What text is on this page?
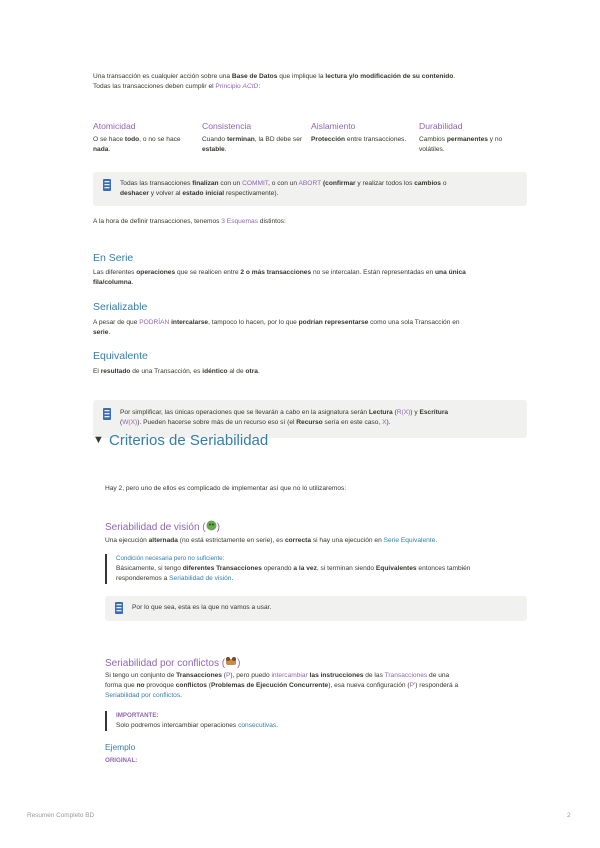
Una transacción es cualquier acción sobre una Base de Datos que implique la lectura y/o modificación de su contenido.
Todas las transacciones deben cumplir el Principio ACID:

Atomicidad

O se hace todo, o no se hace nada.

Consistencia

Cuando terminan, la BD debe ser estable.

Aislamiento

Protección entre transacciones.

Durabilidad

Cambios permanentes y no volátiles.

Todas las transacciones finalizan con un COMMIT, o con un ABORT (confirmar y realizar todos los cambios o
deshacer y volver al estado inicial respectivamente).
A la hora de definir transacciones, tenemos 3 Esquemas distintos:

En Serie

Las diferentes operaciones que se realicen entre 2 o más transacciones no se intercalan. Están representadas en una única
fila/columna.

Serializable

A pesar de que PODRÍAN intercalarse, tampoco lo hacen, por lo que podrían representarse como una sola Transacción en
serie.

Equivalente

El resultado de una Transacción, es idéntico al de otra.
Por simplificar, las únicas operaciones que se llevarán a cabo en la asignatura serán Lectura (R(X)) y Escritura
(W(X)). Pueden hacerse sobre más de un recurso eso sí (el Recurso sería en este caso, X).
▼ Criterios de Seriabilidad

Hay 2, pero uno de ellos es complicado de implementar así que no lo utilizaremos:
Seriabilidad de visión ( )
Una ejecución alternada (no está estrictamente en serie), es correcta si hay una ejecución en Serie Equivalente.
Condición necesaria pero no suficiente:
Básicamente, si tengo diferentes Transacciones operando a la vez, si terminan siendo Equivalentes entonces también
responderemos a Seriabilidad de visión.
Por lo que sea, esta es la que no vamos a usar.
Seriabilidad por conflictos ( )
Si tengo un conjunto de Transacciones (P), pero puedo intercambiar las instrucciones de las Transacciones de una
forma que no provoque conflictos (Problemas de Ejecución Concurrente), esa nueva configuración (P') responderá a
Seriabilidad por conflictos.
IMPORTANTE:
Solo podremos intercambiar operaciones consecutivas.

Ejemplo

ORIGINAL:

Resumen Completo BD	2
